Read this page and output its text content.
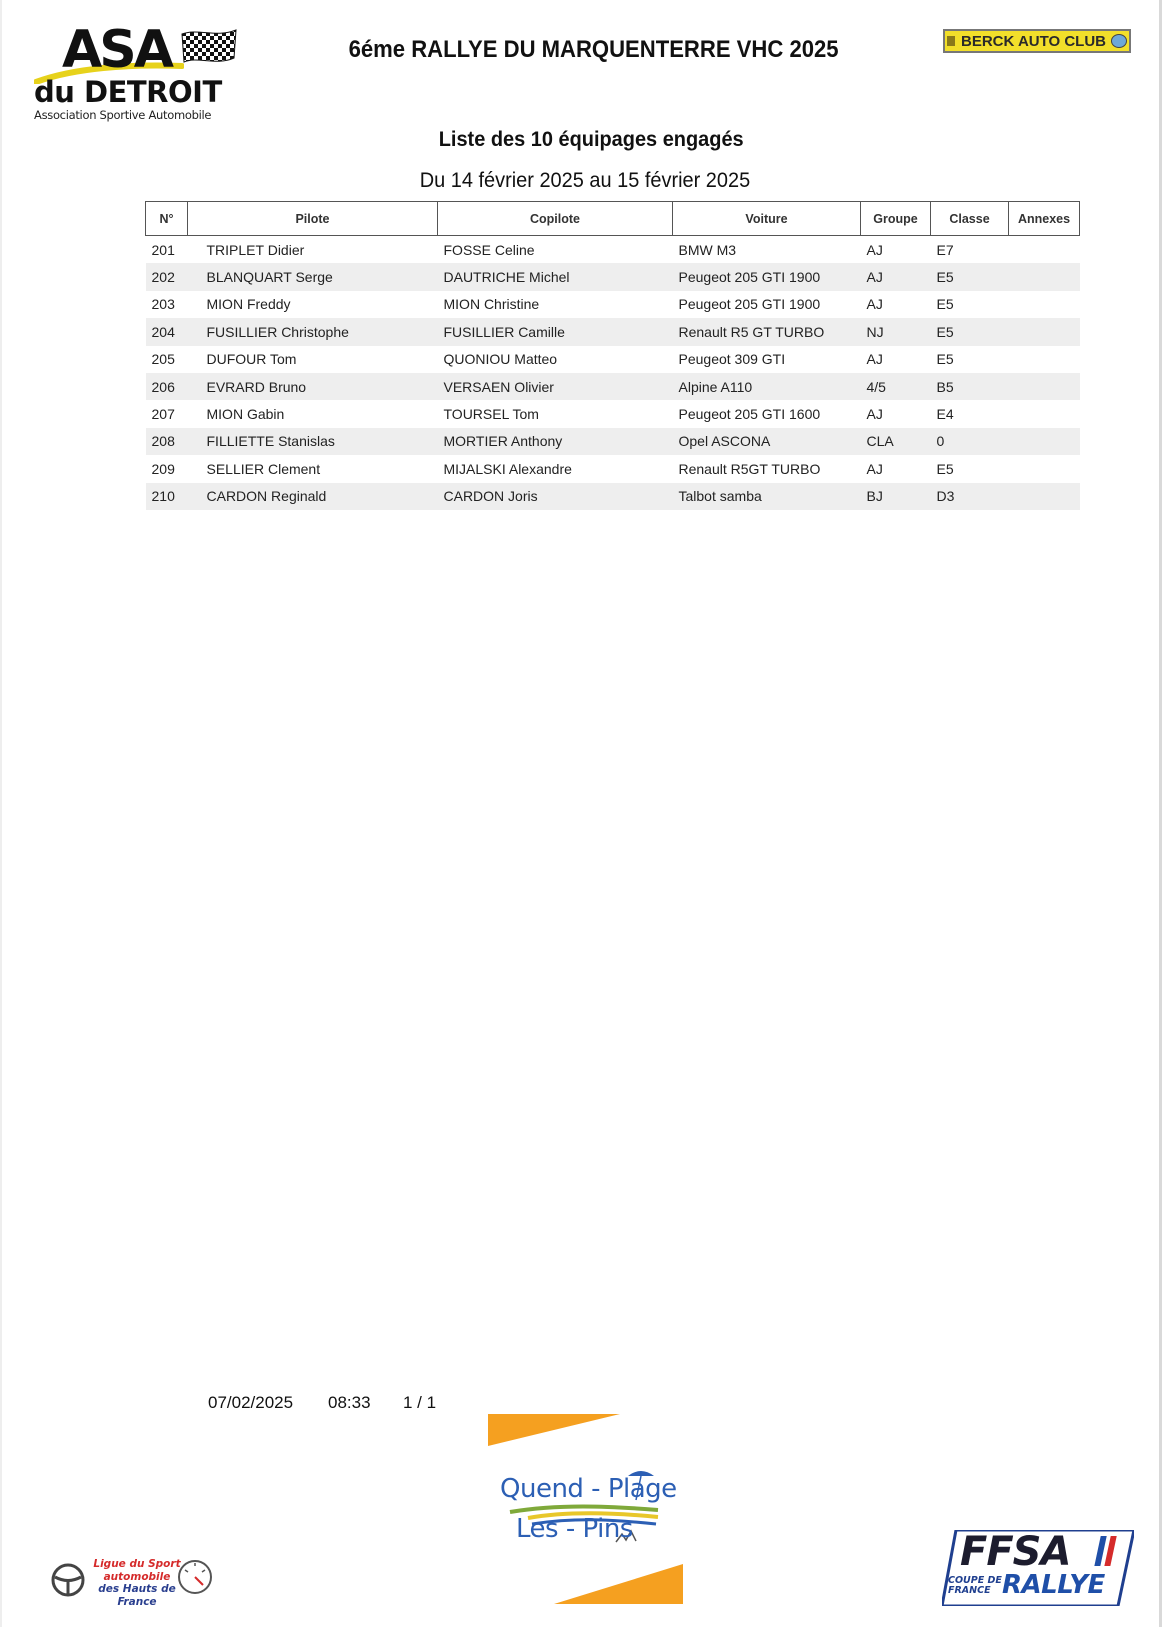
ASA
du DETROIT
Association Sportive Automobile
6éme RALLYE DU MARQUENTERRE VHC 2025	BERCK AUTO CLUB
Liste des 10 équipages engagés
Du 14 février 2025 au 15 février 2025
N°	Pilote	Copilote	Voiture	Groupe	Classe	Annexes
201	TRIPLET Didier	FOSSE Celine	BMW M3	AJ	E7	
202	BLANQUART Serge	DAUTRICHE Michel	Peugeot 205 GTI 1900	AJ	E5	
203	MION Freddy	MION Christine	Peugeot 205 GTI 1900	AJ	E5	
204	FUSILLIER Christophe	FUSILLIER Camille	Renault R5 GT TURBO	NJ	E5	
205	DUFOUR Tom	QUONIOU Matteo	Peugeot 309 GTI	AJ	E5	
206	EVRARD Bruno	VERSAEN Olivier	Alpine A110	4/5	B5	
207	MION Gabin	TOURSEL Tom	Peugeot 205 GTI 1600	AJ	E4	
208	FILLIETTE Stanislas	MORTIER Anthony	Opel ASCONA	CLA	0	
209	SELLIER Clement	MIJALSKI Alexandre	Renault R5GT TURBO	AJ	E5	
210	CARDON Reginald	CARDON Joris	Talbot samba	BJ	D3	
07/02/2025 08:33 1 / 1
Quend - Plage
Les - Pins
Ligue du Sport
automobile
des Hauts de France
FFSA
COUPE DE
FRANCE RALLYE
